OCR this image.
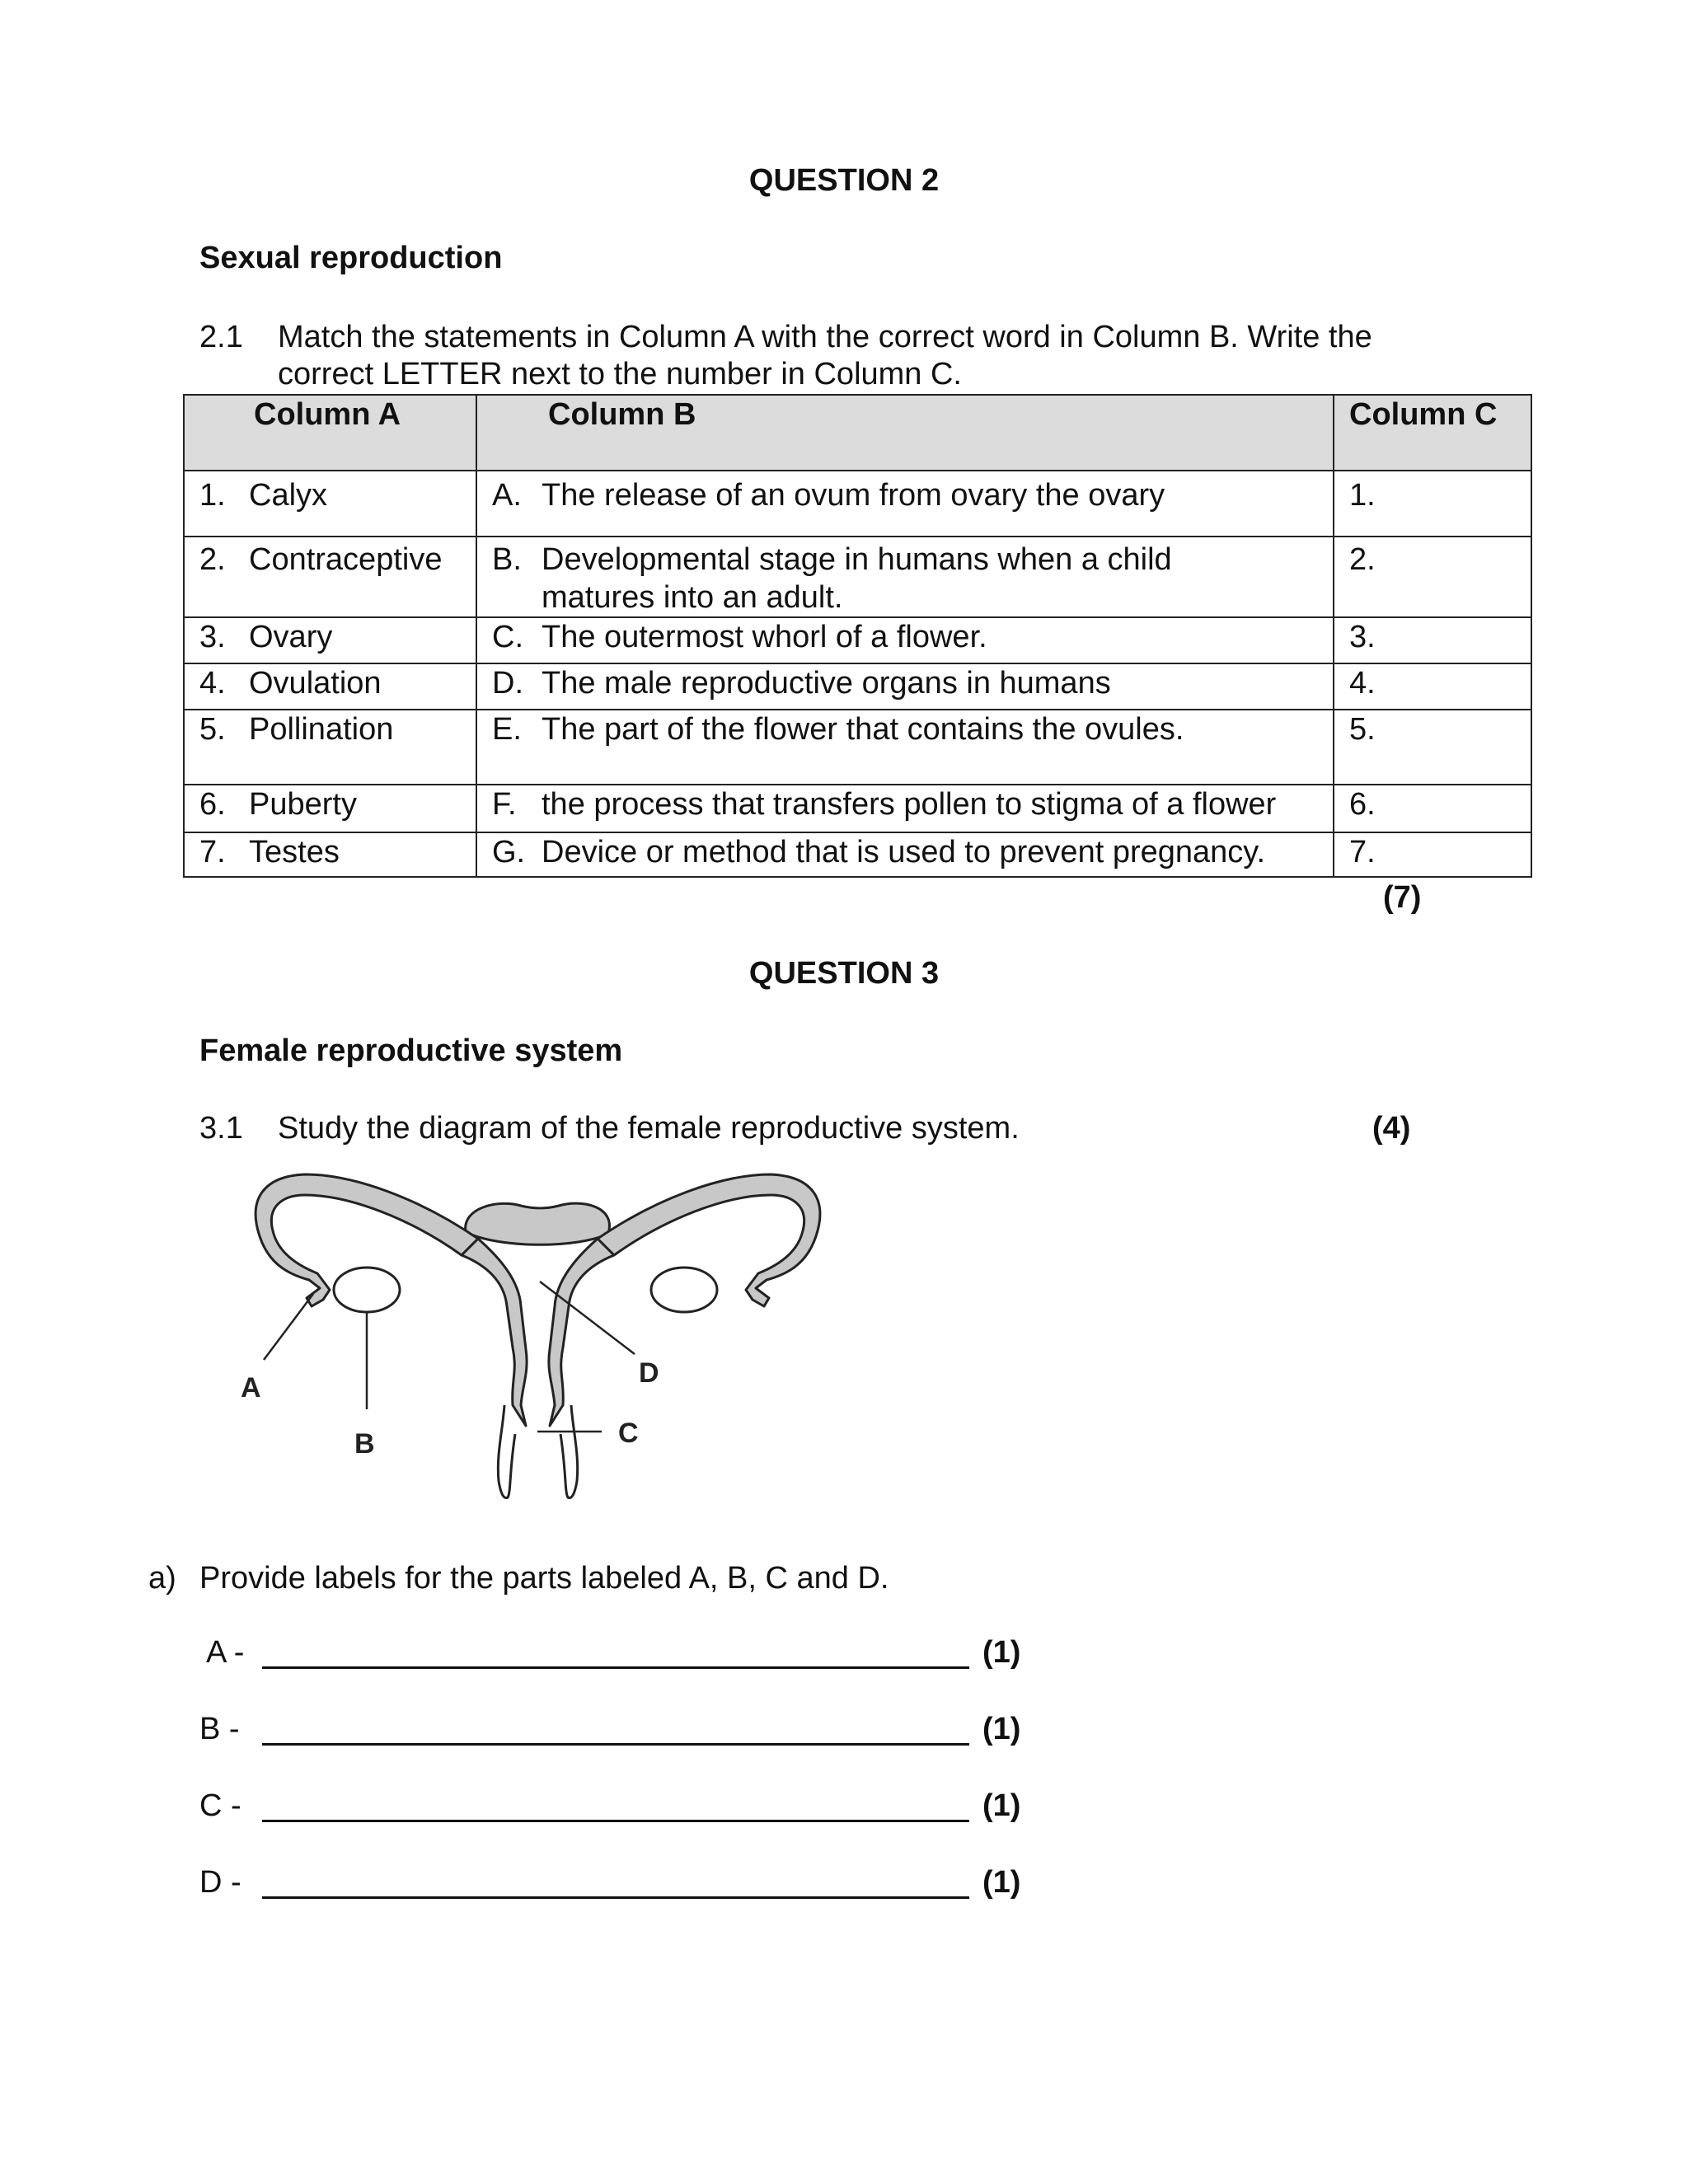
QUESTION 2
Sexual reproduction
2.1 Match the statements in Column A with the correct word in Column B. Write the
correct LETTER next to the number in Column C.
Column A	Column B	Column C
1. Calyx	A. The release of an ovum from ovary the ovary	1.
2. Contraceptive	B. Developmental stage in humans when a child
matures into an adult.	2.
3. Ovary	C. The outermost whorl of a flower.	3.
4. Ovulation	D. The male reproductive organs in humans	4.
5. Pollination	E. The part of the flower that contains the ovules.	5.
6. Puberty	F. the process that transfers pollen to stigma of a flower	6.
7. Testes	G. Device or method that is used to prevent pregnancy.	7.
(7)
QUESTION 3
Female reproductive system
3.1 Study the diagram of the female reproductive system.	(4)
A
B	C
D
a) Provide labels for the parts labeled A, B, C and D.
A -	(1)
B -	(1)
C -	(1)
D -	(1)
